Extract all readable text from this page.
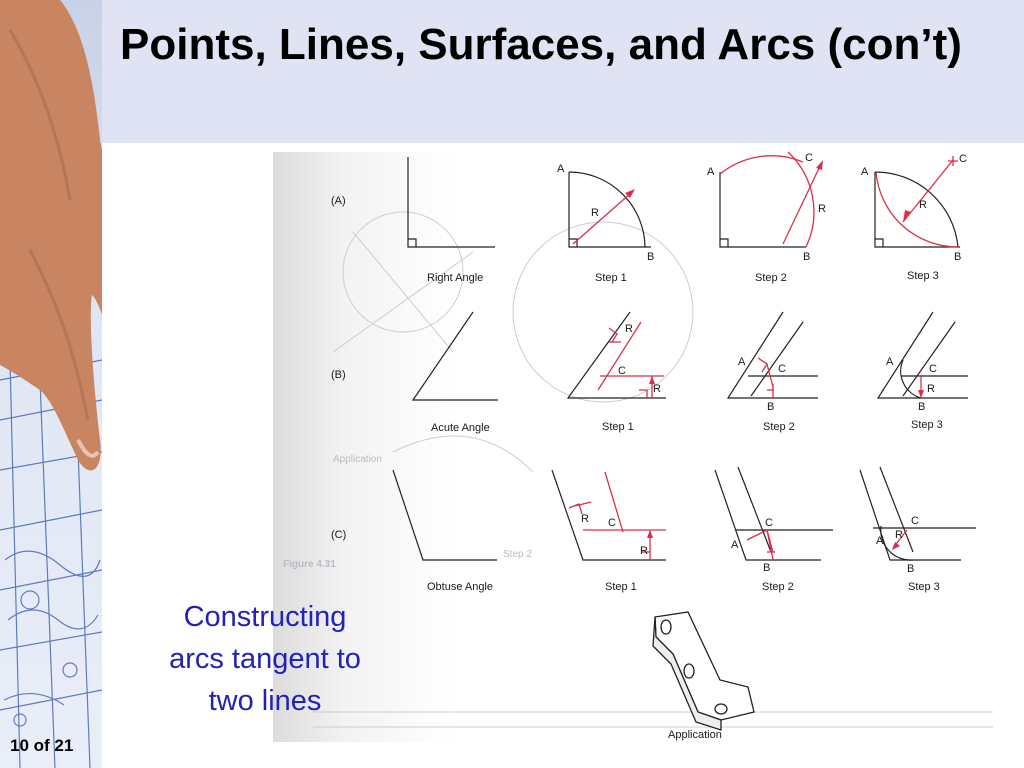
Points, Lines, Surfaces, and Arcs (con’t)
Step 2
Application
Figure 4.31
(A)
Right Angle
A
R
B
Step 1
A
C
R
B
Step 2
A
C
R
B
Step 3
(B)
Acute Angle
R
C
R
Step 1
A
C
B
Step 2
A
C
R
B
Step 3
(C)
Obtuse Angle
R C
R
Step 1
A
C
B
Step 2
A R
C
B
Step 3
Application
Constructing
arcs tangent to
two lines
10 of 21
